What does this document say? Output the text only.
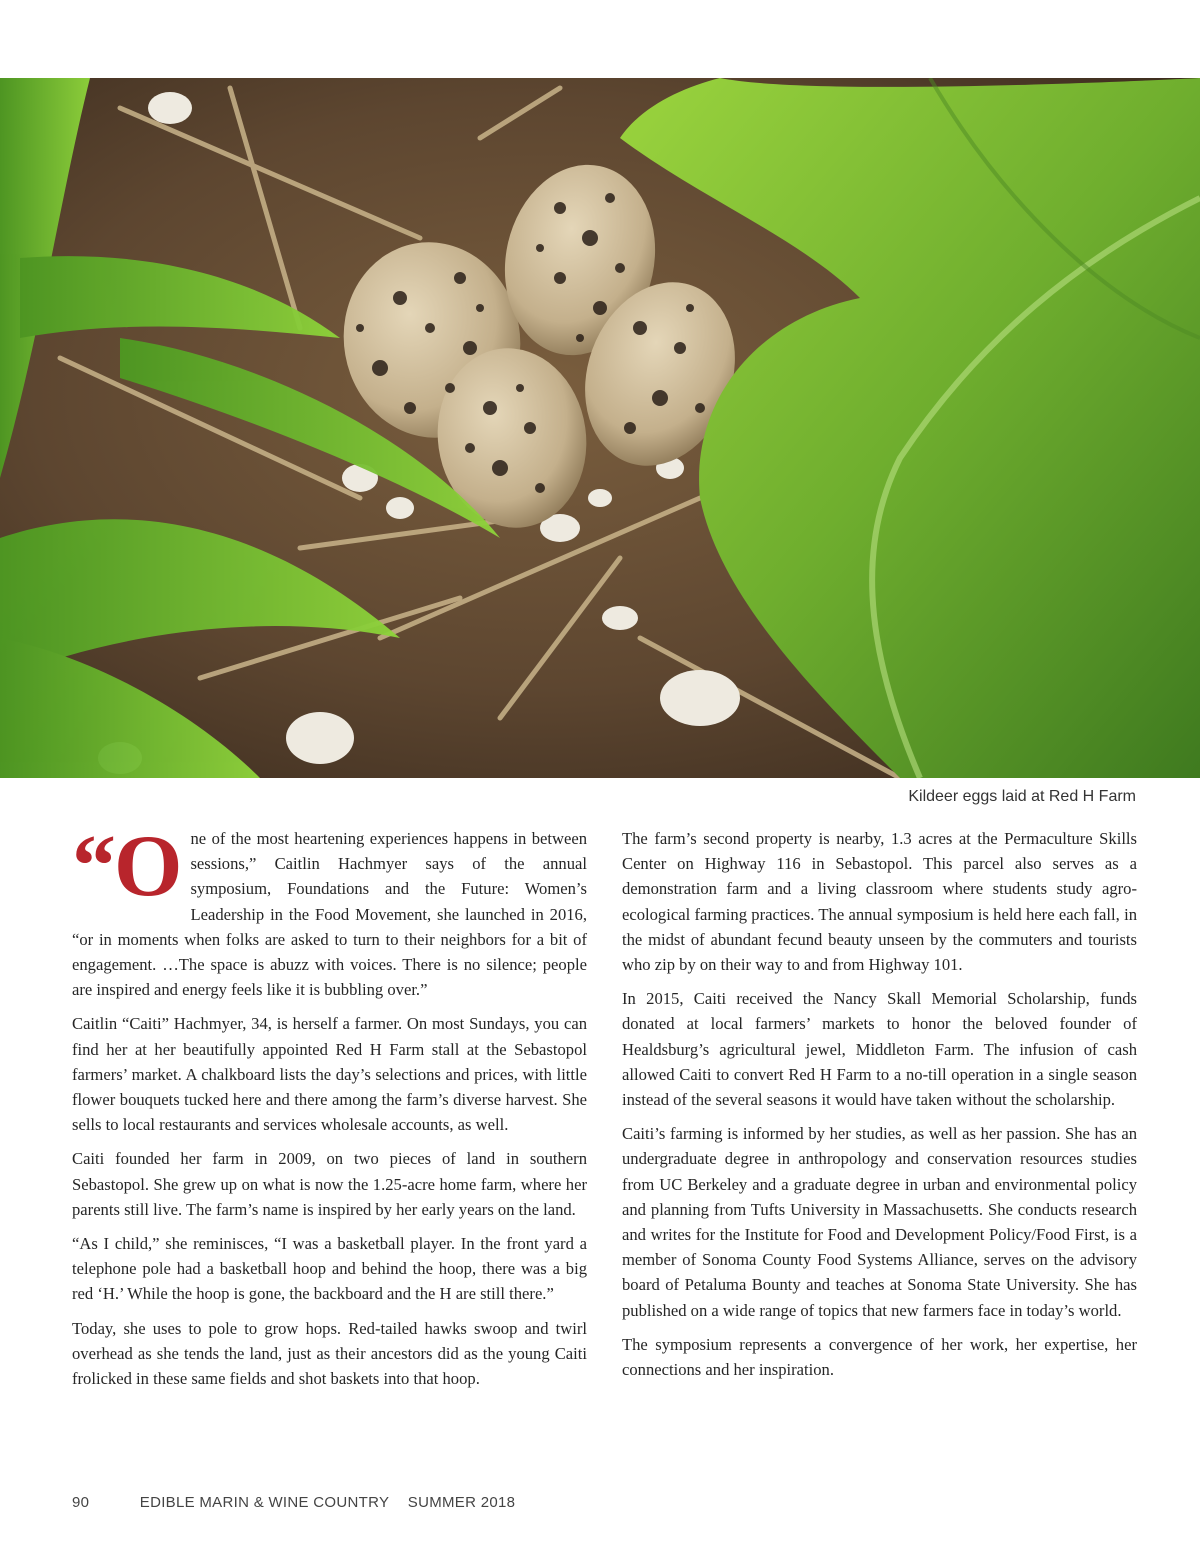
Kildeer eggs laid at Red H Farm

“One of the most heartening experiences happens in between sessions,” Caitlin Hachmyer says of the annual symposium, Foundations and the Future: Women’s Leadership in the Food Movement, she launched in 2016, “or in moments when folks are asked to turn to their neighbors for a bit of engagement. …The space is abuzz with voices. There is no silence; people are inspired and energy feels like it is bubbling over.”

Caitlin “Caiti” Hachmyer, 34, is herself a farmer. On most Sundays, you can find her at her beautifully appointed Red H Farm stall at the Sebastopol farmers’ market. A chalkboard lists the day’s selections and prices, with little flower bouquets tucked here and there among the farm’s diverse harvest. She sells to local restaurants and services wholesale accounts, as well.

Caiti founded her farm in 2009, on two pieces of land in southern Sebastopol. She grew up on what is now the 1.25-acre home farm, where her parents still live. The farm’s name is inspired by her early years on the land.

“As I child,” she reminisces, “I was a basketball player. In the front yard a telephone pole had a basketball hoop and behind the hoop, there was a big red ‘H.’ While the hoop is gone, the backboard and the H are still there.”

Today, she uses to pole to grow hops. Red-tailed hawks swoop and twirl overhead as she tends the land, just as their ancestors did as the young Caiti frolicked in these same fields and shot baskets into that hoop.

The farm’s second property is nearby, 1.3 acres at the Permaculture Skills Center on Highway 116 in Sebastopol. This parcel also serves as a demonstration farm and a living classroom where students study agro-ecological farming practices. The annual symposium is held here each fall, in the midst of abundant fecund beauty unseen by the commuters and tourists who zip by on their way to and from Highway 101.

In 2015, Caiti received the Nancy Skall Memorial Scholarship, funds donated at local farmers’ markets to honor the beloved founder of Healdsburg’s agricultural jewel, Middleton Farm. The infusion of cash allowed Caiti to convert Red H Farm to a no-till operation in a single season instead of the several seasons it would have taken without the scholarship.

Caiti’s farming is informed by her studies, as well as her passion. She has an undergraduate degree in anthropology and conservation resources studies from UC Berkeley and a graduate degree in urban and environmental policy and planning from Tufts University in Massachusetts. She conducts research and writes for the Institute for Food and Development Policy/Food First, is a member of Sonoma County Food Systems Alliance, serves on the advisory board of Petaluma Bounty and teaches at Sonoma State University. She has published on a wide range of topics that new farmers face in today’s world.

The symposium represents a convergence of her work, her expertise, her connections and her inspiration.

90	EDIBLE MARIN & WINE COUNTRY SUMMER 2018
